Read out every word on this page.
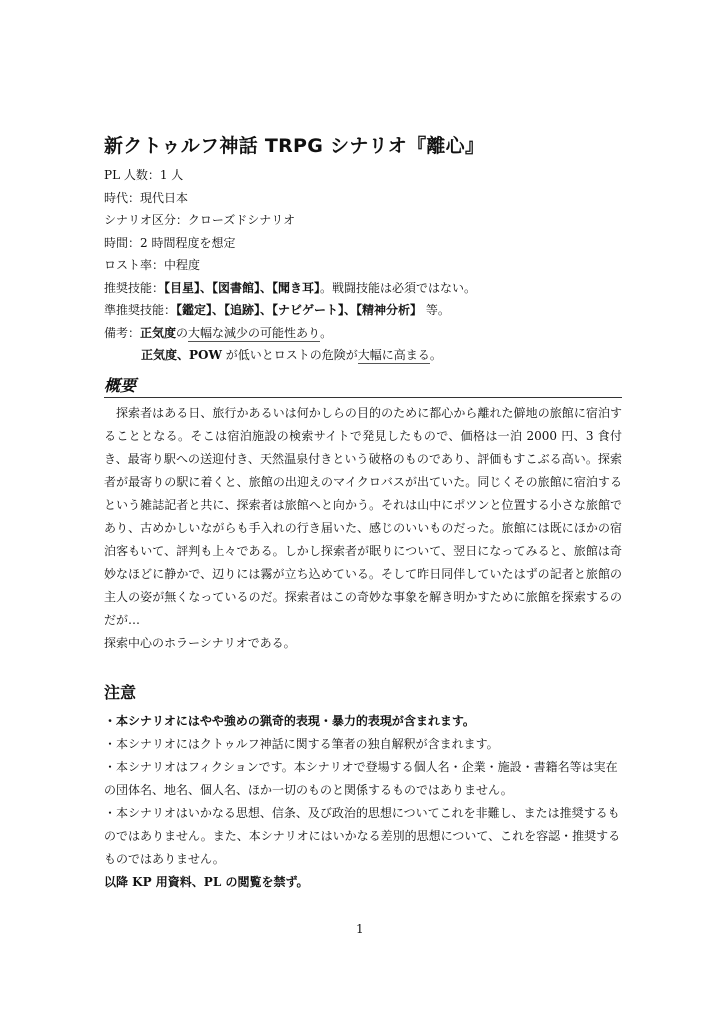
新クトゥルフ神話 TRPG シナリオ『離心』
PL 人数：1 人
時代：現代日本
シナリオ区分：クローズドシナリオ
時間：2 時間程度を想定
ロスト率：中程度
推奨技能：【目星】、【図書館】、【聞き耳】。戦闘技能は必須ではない。
準推奨技能：【鑑定】、【追跡】、【ナビゲート】、【精神分析】 等。
備考：正気度の大幅な減少の可能性あり。
正気度、POW が低いとロストの危険が大幅に高まる。
概要

探索者はある日、旅行かあるいは何かしらの目的のために都心から離れた僻地の旅館に宿泊することとなる。そこは宿泊施設の検索サイトで発見したもので、価格は一泊 2000 円、3 食付き、最寄り駅への送迎付き、天然温泉付きという破格のものであり、評価もすこぶる高い。探索者が最寄りの駅に着くと、旅館の出迎えのマイクロバスが出ていた。同じくその旅館に宿泊するという雑誌記者と共に、探索者は旅館へと向かう。それは山中にポツンと位置する小さな旅館であり、古めかしいながらも手入れの行き届いた、感じのいいものだった。旅館には既にほかの宿泊客もいて、評判も上々である。しかし探索者が眠りについて、翌日になってみると、旅館は奇妙なほどに静かで、辺りには霧が立ち込めている。そして昨日同伴していたはずの記者と旅館の主人の姿が無くなっているのだ。探索者はこの奇妙な事象を解き明かすために旅館を探索するのだが…

探索中心のホラーシナリオである。

注意

・本シナリオにはやや強めの猟奇的表現・暴力的表現が含まれます。

・本シナリオにはクトゥルフ神話に関する筆者の独自解釈が含まれます。

・本シナリオはフィクションです。本シナリオで登場する個人名・企業・施設・書籍名等は実在の団体名、地名、個人名、ほか一切のものと関係するものではありません。

・本シナリオはいかなる思想、信条、及び政治的思想についてこれを非難し、または推奨するものではありません。また、本シナリオにはいかなる差別的思想について、これを容認・推奨するものではありません。

以降 KP 用資料、PL の閲覧を禁ず。

1
